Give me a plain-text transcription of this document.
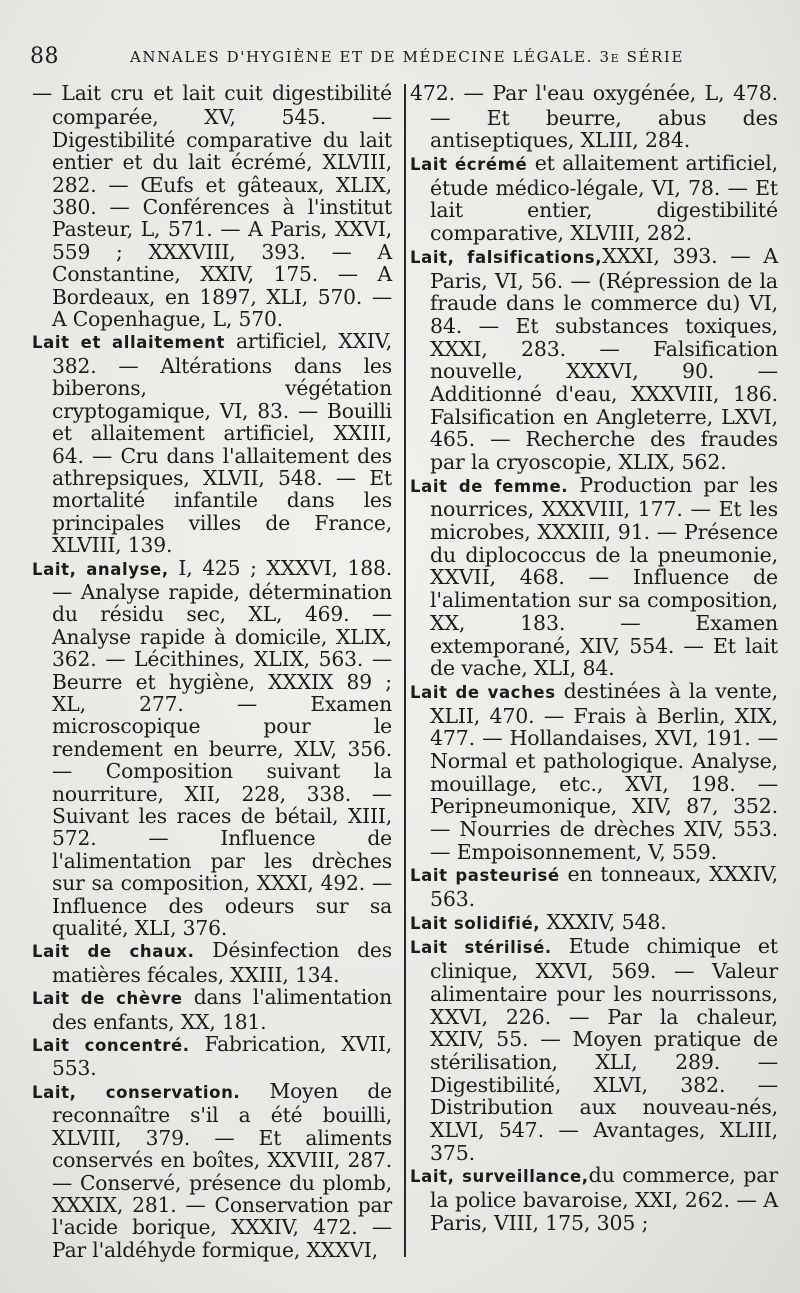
88	ANNALES D'HYGIÈNE ET DE MÉDECINE LÉGALE. 3e SÉRIE

— Lait cru et lait cuit digestibilité comparée, XV, 545. — Digestibilité comparative du lait entier et du lait écrémé, XLVIII, 282. — Œufs et gâteaux, XLIX, 380. — Conférences à l'institut Pasteur, L, 571. — A Paris, XXVI, 559 ; XXXVIII, 393. — A Constantine, XXIV, 175. — A Bordeaux, en 1897, XLI, 570. — A Copenhague, L, 570.

Lait et allaitement artificiel, XXIV, 382. — Altérations dans les biberons, végétation cryptogamique, VI, 83. — Bouilli et allaitement artificiel, XXIII, 64. — Cru dans l'allaitement des athrepsiques, XLVII, 548. — Et mortalité infantile dans les principales villes de France, XLVIII, 139.

Lait, analyse, I, 425 ; XXXVI, 188. — Analyse rapide, détermination du résidu sec, XL, 469. — Analyse rapide à domicile, XLIX, 362. — Lécithines, XLIX, 563. — Beurre et hygiène, XXXIX 89 ; XL, 277. — Examen microscopique pour le rendement en beurre, XLV, 356. — Composition suivant la nourriture, XII, 228, 338. — Suivant les races de bétail, XIII, 572. — Influence de l'alimentation par les drèches sur sa composition, XXXI, 492. — Influence des odeurs sur sa qualité, XLI, 376.

Lait de chaux. Désinfection des matières fécales, XXIII, 134.

Lait de chèvre dans l'alimentation des enfants, XX, 181.

Lait concentré. Fabrication, XVII, 553.

Lait, conservation. Moyen de reconnaître s'il a été bouilli, XLVIII, 379. — Et aliments conservés en boîtes, XXVIII, 287. — Conservé, présence du plomb, XXXIX, 281. — Conservation par l'acide borique, XXXIV, 472. — Par l'aldéhyde formique, XXXVI,

472. — Par l'eau oxygénée, L, 478. — Et beurre, abus des antiseptiques, XLIII, 284.

Lait écrémé et allaitement artificiel, étude médico-légale, VI, 78. — Et lait entier, digestibilité comparative, XLVIII, 282.

Lait, falsifications,XXXI, 393. — A Paris, VI, 56. — (Répression de la fraude dans le commerce du) VI, 84. — Et substances toxiques, XXXI, 283. — Falsification nouvelle, XXXVI, 90. — Additionné d'eau, XXXVIII, 186. Falsification en Angleterre, LXVI, 465. — Recherche des fraudes par la cryoscopie, XLIX, 562.

Lait de femme. Production par les nourrices, XXXVIII, 177. — Et les microbes, XXXIII, 91. — Présence du diplococcus de la pneumonie, XXVII, 468. — Influence de l'alimentation sur sa composition, XX, 183. — Examen extemporané, XIV, 554. — Et lait de vache, XLI, 84.

Lait de vaches destinées à la vente, XLII, 470. — Frais à Berlin, XIX, 477. — Hollandaises, XVI, 191. — Normal et pathologique. Analyse, mouillage, etc., XVI, 198. — Peripneumonique, XIV, 87, 352. — Nourries de drèches XIV, 553. — Empoisonnement, V, 559.

Lait pasteurisé en tonneaux, XXXIV, 563.

Lait solidifié, XXXIV, 548.

Lait stérilisé. Etude chimique et clinique, XXVI, 569. — Valeur alimentaire pour les nourrissons, XXVI, 226. — Par la chaleur, XXIV, 55. — Moyen pratique de stérilisation, XLI, 289. — Digestibilité, XLVI, 382. — Distribution aux nouveau-nés, XLVI, 547. — Avantages, XLIII, 375.

Lait, surveillance,du commerce, par la police bavaroise, XXI, 262. — A Paris, VIII, 175, 305 ;
